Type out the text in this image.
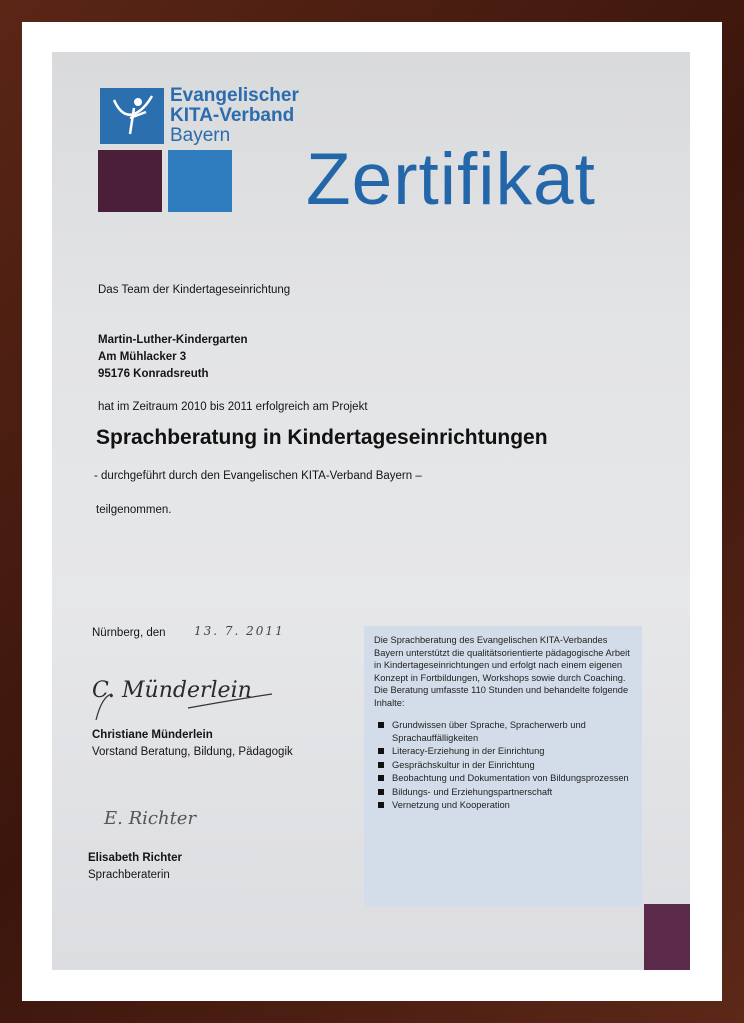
Evangelischer
KITA-Verband
Bayern
Zertifikat
Das Team der Kindertageseinrichtung
Martin-Luther-Kindergarten
Am Mühlacker 3
95176 Konradsreuth
hat im Zeitraum 2010 bis 2011 erfolgreich am Projekt
Sprachberatung in Kindertageseinrichtungen
- durchgeführt durch den Evangelischen KITA-Verband Bayern –
teilgenommen.
Nürnberg, den 13. 7. 2011
C. Münderlein
Christiane Münderlein
Vorstand Beratung, Bildung, Pädagogik
E. Richter
Elisabeth Richter
Sprachberaterin

Die Sprachberatung des Evangelischen KITA-Verbandes Bayern unterstützt die qualitätsorientierte pädagogische Arbeit in Kindertageseinrichtungen und erfolgt nach einem eigenen Konzept in Fortbildungen, Workshops sowie durch Coaching.

Die Beratung umfasste 110 Stunden und behandelte folgende Inhalte:

Grundwissen über Sprache, Spracherwerb und Sprachauffälligkeiten
Literacy-Erziehung in der Einrichtung
Gesprächskultur in der Einrichtung
Beobachtung und Dokumentation von Bildungsprozessen
Bildungs- und Erziehungspartnerschaft
Vernetzung und Kooperation
